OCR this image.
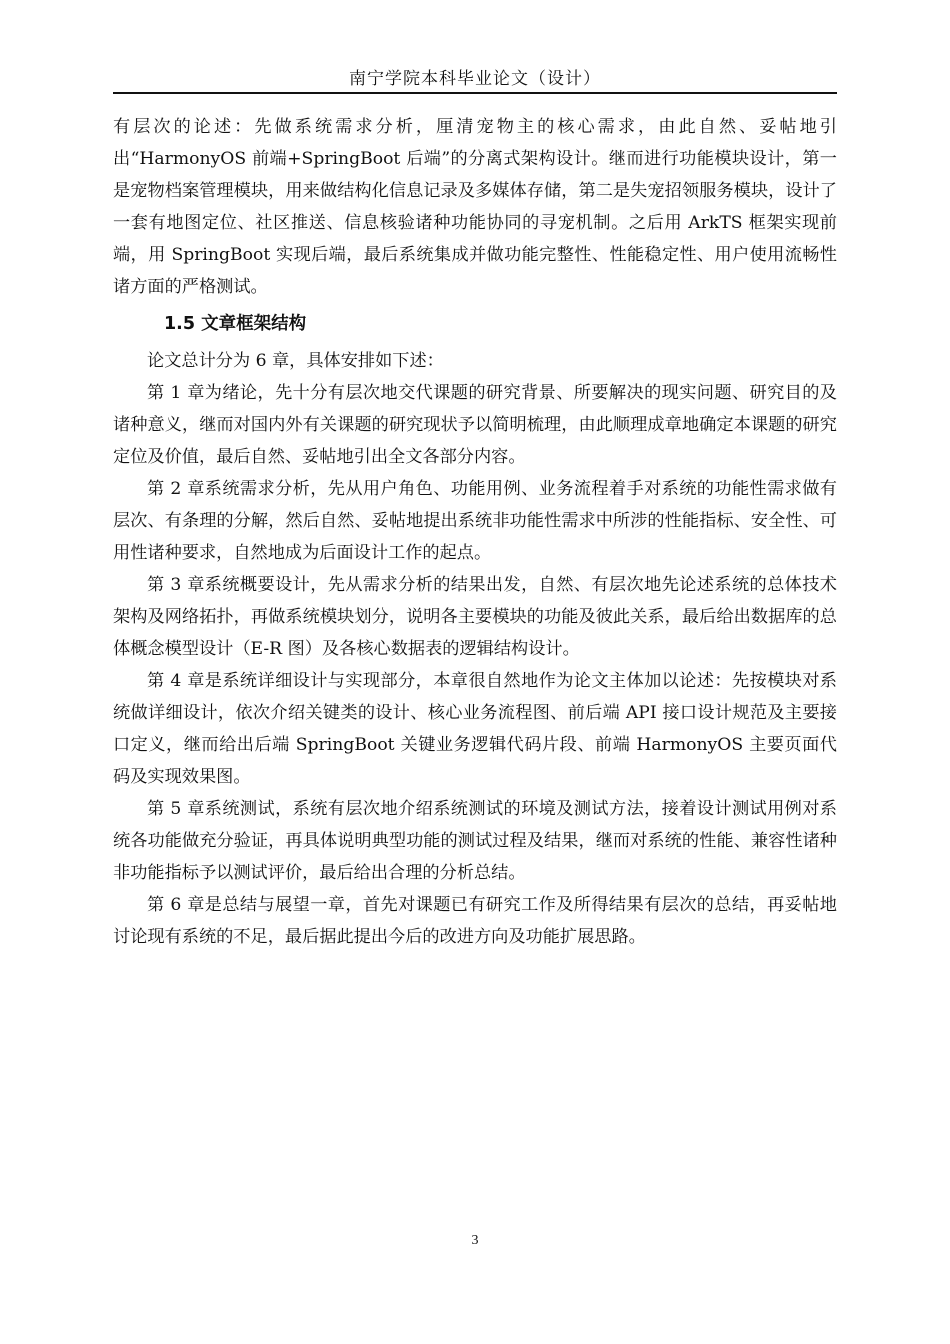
南宁学院本科毕业论文（设计）

有层次的论述：先做系统需求分析，厘清宠物主的核心需求，由此自然、妥帖地引出“HarmonyOS 前端+SpringBoot 后端”的分离式架构设计。继而进行功能模块设计，第一是宠物档案管理模块，用来做结构化信息记录及多媒体存储，第二是失宠招领服务模块，设计了一套有地图定位、社区推送、信息核验诸种功能协同的寻宠机制。之后用 ArkTS 框架实现前端，用 SpringBoot 实现后端，最后系统集成并做功能完整性、性能稳定性、用户使用流畅性诸方面的严格测试。

1.5 文章框架结构

论文总计分为 6 章，具体安排如下述：

第 1 章为绪论，先十分有层次地交代课题的研究背景、所要解决的现实问题、研究目的及诸种意义，继而对国内外有关课题的研究现状予以简明梳理，由此顺理成章地确定本课题的研究定位及价值，最后自然、妥帖地引出全文各部分内容。

第 2 章系统需求分析，先从用户角色、功能用例、业务流程着手对系统的功能性需求做有层次、有条理的分解，然后自然、妥帖地提出系统非功能性需求中所涉的性能指标、安全性、可用性诸种要求，自然地成为后面设计工作的起点。

第 3 章系统概要设计，先从需求分析的结果出发，自然、有层次地先论述系统的总体技术架构及网络拓扑，再做系统模块划分，说明各主要模块的功能及彼此关系，最后给出数据库的总体概念模型设计（E-R 图）及各核心数据表的逻辑结构设计。

第 4 章是系统详细设计与实现部分，本章很自然地作为论文主体加以论述：先按模块对系统做详细设计，依次介绍关键类的设计、核心业务流程图、前后端 API 接口设计规范及主要接口定义，继而给出后端 SpringBoot 关键业务逻辑代码片段、前端 HarmonyOS 主要页面代码及实现效果图。

第 5 章系统测试，系统有层次地介绍系统测试的环境及测试方法，接着设计测试用例对系统各功能做充分验证，再具体说明典型功能的测试过程及结果，继而对系统的性能、兼容性诸种非功能指标予以测试评价，最后给出合理的分析总结。

第 6 章是总结与展望一章，首先对课题已有研究工作及所得结果有层次的总结，再妥帖地讨论现有系统的不足，最后据此提出今后的改进方向及功能扩展思路。

3
